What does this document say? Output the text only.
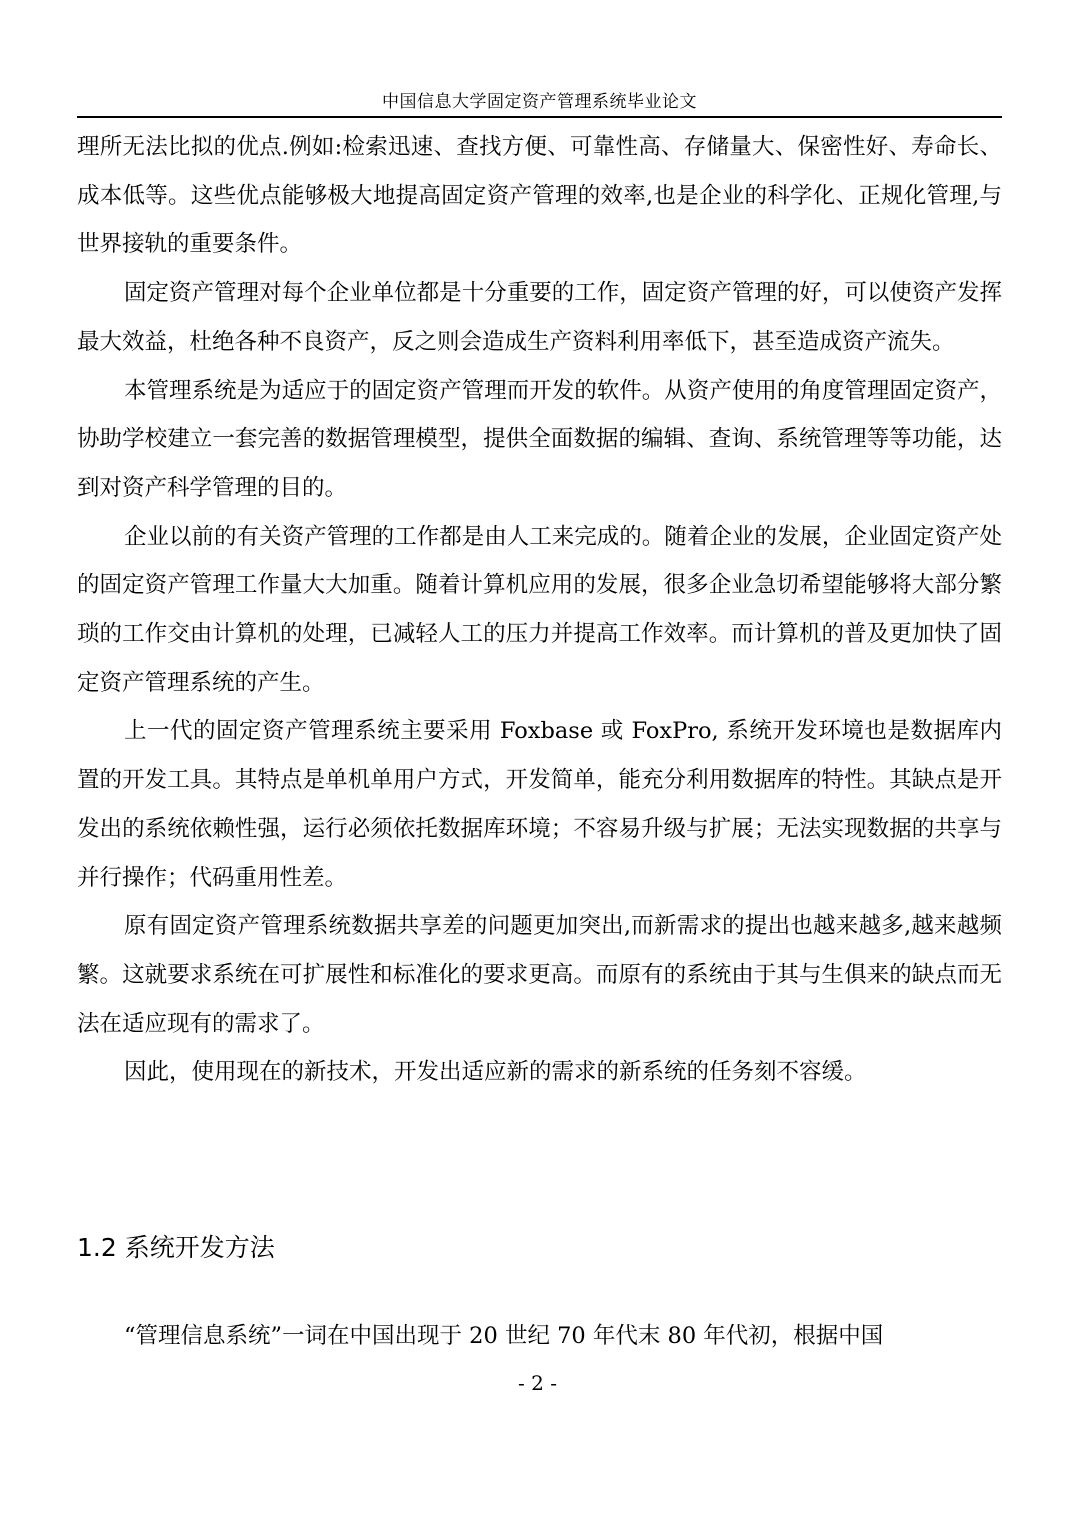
中国信息大学固定资产管理系统毕业论文

理所无法比拟的优点.例如:检索迅速、查找方便、可靠性高、存储量大、保密性好、寿命长、成本低等。这些优点能够极大地提高固定资产管理的效率,也是企业的科学化、正规化管理,与世界接轨的重要条件。

固定资产管理对每个企业单位都是十分重要的工作，固定资产管理的好，可以使资产发挥最大效益，杜绝各种不良资产，反之则会造成生产资料利用率低下，甚至造成资产流失。

本管理系统是为适应于的固定资产管理而开发的软件。从资产使用的角度管理固定资产，协助学校建立一套完善的数据管理模型，提供全面数据的编辑、查询、系统管理等等功能，达到对资产科学管理的目的。

企业以前的有关资产管理的工作都是由人工来完成的。随着企业的发展，企业固定资产处的固定资产管理工作量大大加重。随着计算机应用的发展，很多企业急切希望能够将大部分繁琐的工作交由计算机的处理，已减轻人工的压力并提高工作效率。而计算机的普及更加快了固定资产管理系统的产生。

上一代的固定资产管理系统主要采用 Foxbase 或 FoxPro, 系统开发环境也是数据库内置的开发工具。其特点是单机单用户方式，开发简单，能充分利用数据库的特性。其缺点是开发出的系统依赖性强，运行必须依托数据库环境；不容易升级与扩展；无法实现数据的共享与并行操作；代码重用性差。

原有固定资产管理系统数据共享差的问题更加突出,而新需求的提出也越来越多,越来越频繁。这就要求系统在可扩展性和标准化的要求更高。而原有的系统由于其与生俱来的缺点而无法在适应现有的需求了。

因此，使用现在的新技术，开发出适应新的需求的新系统的任务刻不容缓。

1.2 系统开发方法

“管理信息系统”一词在中国出现于 20 世纪 70 年代末 80 年代初，根据中国

- 2 -
